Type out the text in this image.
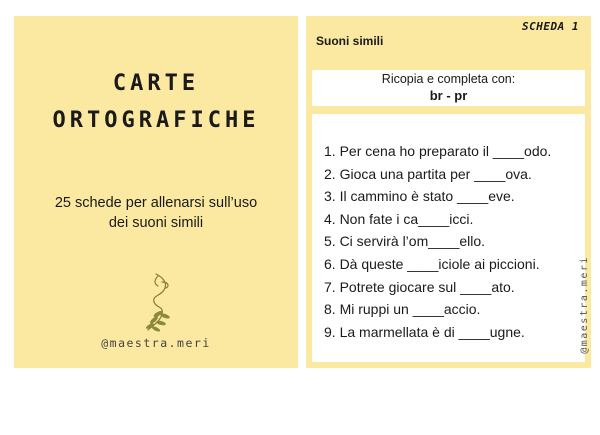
CARTE
ORTOGRAFICHE
25 schede per allenarsi sull’uso
dei suoni simili
@maestra.meri
SCHEDA 1
Suoni simili
Ricopia e completa con:
br - pr
1. Per cena ho preparato il ____odo.
2. Gioca una partita per ____ova.
3. Il cammino è stato ____eve.
4. Non fate i ca____icci.
5. Ci servirà l’om____ello.
6. Dà queste ____iciole ai piccioni.
7. Potrete giocare sul ____ato.
8. Mi ruppi un ____accio.
9. La marmellata è di ____ugne.	@maestra.meri
